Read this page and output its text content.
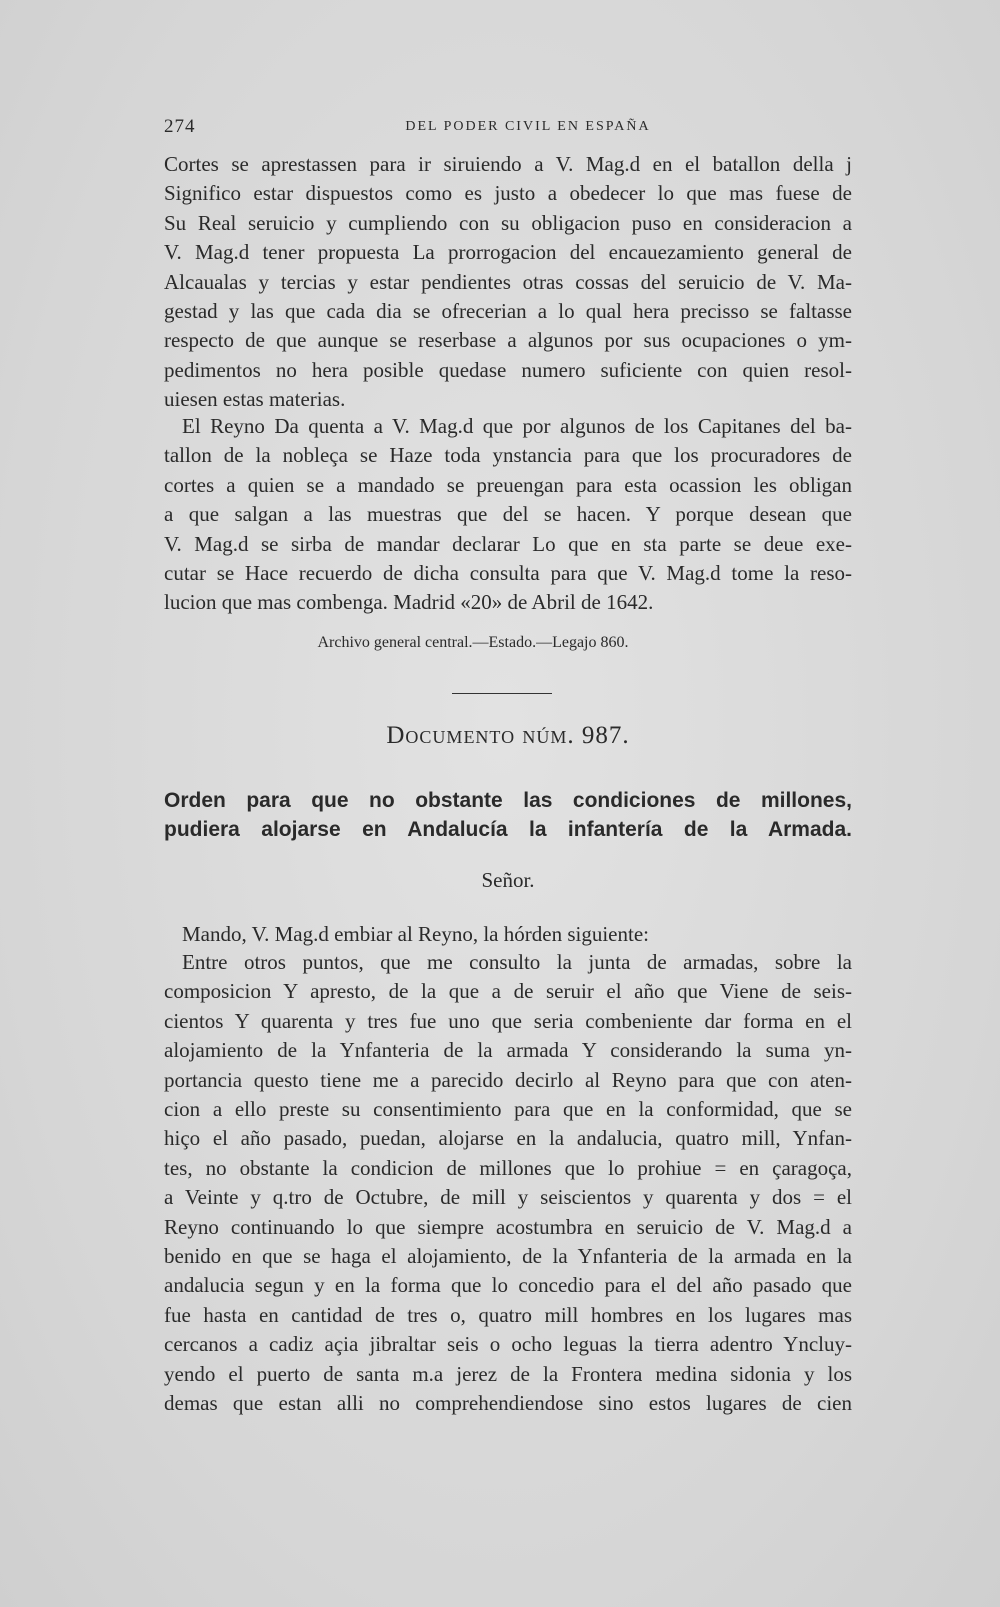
274	DEL PODER CIVIL EN ESPAÑA
Cortes se aprestassen para ir siruiendo a V. Mag.d en el batallon della j
Significo estar dispuestos como es justo a obedecer lo que mas fuese de
Su Real seruicio y cumpliendo con su obligacion puso en consideracion a
V. Mag.d tener propuesta La prorrogacion del encauezamiento general de
Alcaualas y tercias y estar pendientes otras cossas del seruicio de V. Ma-
gestad y las que cada dia se ofrecerian a lo qual hera precisso se faltasse
respecto de que aunque se reserbase a algunos por sus ocupaciones o ym-
pedimentos no hera posible quedase numero suficiente con quien resol-
uiesen estas materias.
El Reyno Da quenta a V. Mag.d que por algunos de los Capitanes del ba-
tallon de la nobleça se Haze toda ynstancia para que los procuradores de
cortes a quien se a mandado se preuengan para esta ocassion les obligan
a que salgan a las muestras que del se hacen. Y porque desean que
V. Mag.d se sirba de mandar declarar Lo que en sta parte se deue exe-
cutar se Hace recuerdo de dicha consulta para que V. Mag.d tome la reso-
lucion que mas combenga. Madrid «20» de Abril de 1642.
Archivo general central.—Estado.—Legajo 860.
Documento núm. 987.
Orden para que no obstante las condiciones de millones,
pudiera alojarse en Andalucía la infantería de la Armada.
Señor.
Mando, V. Mag.d embiar al Reyno, la hórden siguiente:
Entre otros puntos, que me consulto la junta de armadas, sobre la
composicion Y apresto, de la que a de seruir el año que Viene de seis-
cientos Y quarenta y tres fue uno que seria combeniente dar forma en el
alojamiento de la Ynfanteria de la armada Y considerando la suma yn-
portancia questo tiene me a parecido decirlo al Reyno para que con aten-
cion a ello preste su consentimiento para que en la conformidad, que se
hiço el año pasado, puedan, alojarse en la andalucia, quatro mill, Ynfan-
tes, no obstante la condicion de millones que lo prohiue = en çaragoça,
a Veinte y q.tro de Octubre, de mill y seiscientos y quarenta y dos = el
Reyno continuando lo que siempre acostumbra en seruicio de V. Mag.d a
benido en que se haga el alojamiento, de la Ynfanteria de la armada en la
andalucia segun y en la forma que lo concedio para el del año pasado que
fue hasta en cantidad de tres o, quatro mill hombres en los lugares mas
cercanos a cadiz açia jibraltar seis o ocho leguas la tierra adentro Yncluy-
yendo el puerto de santa m.a jerez de la Frontera medina sidonia y los
demas que estan alli no comprehendiendose sino estos lugares de cien
